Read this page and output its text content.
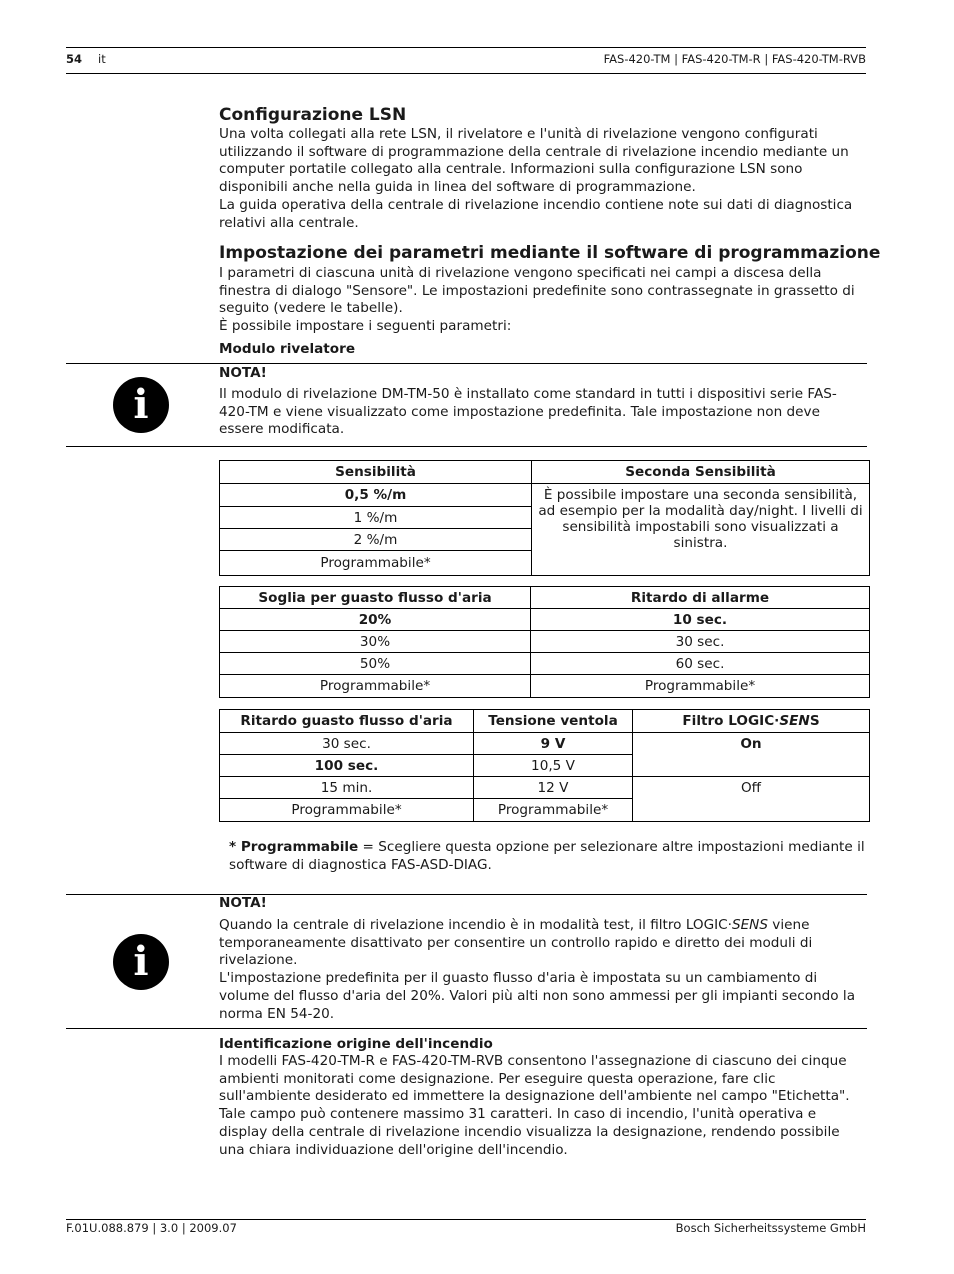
54 it	FAS-420-TM | FAS-420-TM-R | FAS-420-TM-RVB
Configurazione LSN
Una volta collegati alla rete LSN, il rivelatore e l'unità di rivelazione vengono configurati
utilizzando il software di programmazione della centrale di rivelazione incendio mediante un
computer portatile collegato alla centrale. Informazioni sulla configurazione LSN sono
disponibili anche nella guida in linea del software di programmazione.
La guida operativa della centrale di rivelazione incendio contiene note sui dati di diagnostica
relativi alla centrale.
Impostazione dei parametri mediante il software di programmazione
I parametri di ciascuna unità di rivelazione vengono specificati nei campi a discesa della
finestra di dialogo "Sensore". Le impostazioni predefinite sono contrassegnate in grassetto di
seguito (vedere le tabelle).
È possibile impostare i seguenti parametri:
Modulo rivelatore
i
NOTA!
Il modulo di rivelazione DM-TM-50 è installato come standard in tutti i dispositivi serie FAS-
420-TM e viene visualizzato come impostazione predefinita. Tale impostazione non deve
essere modificata.
Sensibilità	Seconda Sensibilità
0,5 %/m	È possibile impostare una seconda sensibilità,
ad esempio per la modalità day/night. I livelli di
sensibilità impostabili sono visualizzati a
sinistra.

1 %/m	
2 %/m	
Programmabile*	
Soglia per guasto flusso d'aria	Ritardo di allarme
20%	10 sec.
30%	30 sec.
50%	60 sec.
Programmabile*	Programmabile*
Ritardo guasto flusso d'aria	Tensione ventola	Filtro LOGIC·SENS
30 sec.	9 V	On
100 sec.	10,5 V	
15 min.	12 V	Off
Programmabile*	Programmabile*	
* Programmabile = Scegliere questa opzione per selezionare altre impostazioni mediante il
software di diagnostica FAS-ASD-DIAG.
i
NOTA!
Quando la centrale di rivelazione incendio è in modalità test, il filtro LOGIC·SENS viene
temporaneamente disattivato per consentire un controllo rapido e diretto dei moduli di
rivelazione.
L'impostazione predefinita per il guasto flusso d'aria è impostata su un cambiamento di
volume del flusso d'aria del 20%. Valori più alti non sono ammessi per gli impianti secondo la
norma EN 54-20.
Identificazione origine dell'incendio
I modelli FAS-420-TM-R e FAS-420-TM-RVB consentono l'assegnazione di ciascuno dei cinque
ambienti monitorati come designazione. Per eseguire questa operazione, fare clic
sull'ambiente desiderato ed immettere la designazione dell'ambiente nel campo "Etichetta".
Tale campo può contenere massimo 31 caratteri. In caso di incendio, l'unità operativa e
display della centrale di rivelazione incendio visualizza la designazione, rendendo possibile
una chiara individuazione dell'origine dell'incendio.
F.01U.088.879 | 3.0 | 2009.07	Bosch Sicherheitssysteme GmbH
